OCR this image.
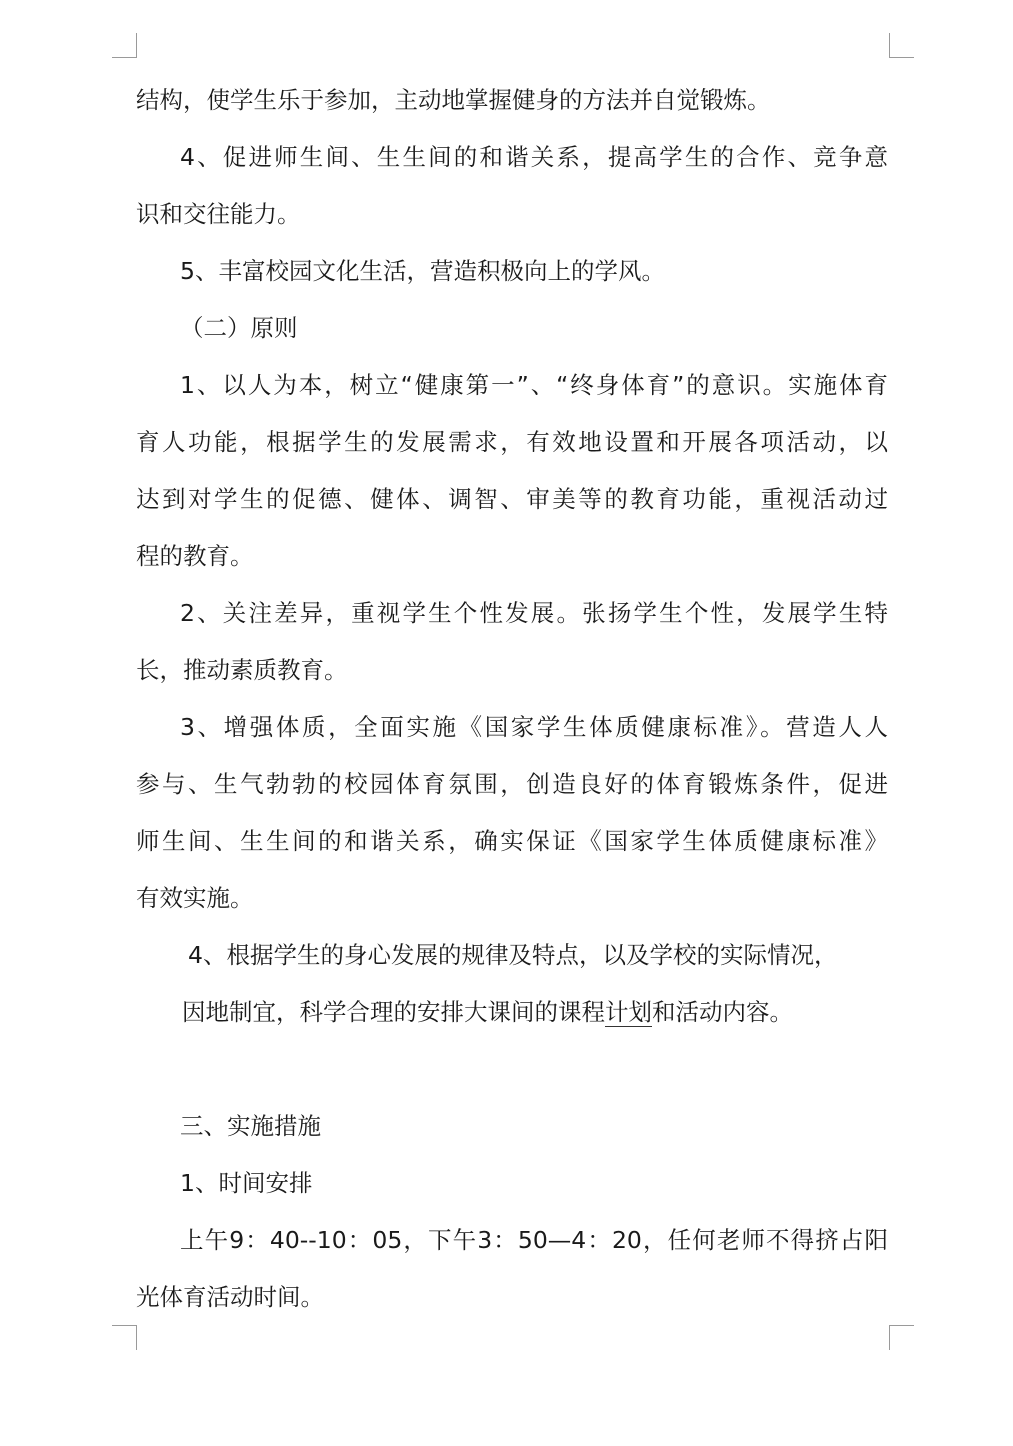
结构，使学生乐于参加，主动地掌握健身的方法并自觉锻炼。
4、促进师生间、生生间的和谐关系，提高学生的合作、竞争意
识和交往能力。
5、丰富校园文化生活，营造积极向上的学风。
（二）原则
1、以人为本，树立“健康第一”、“终身体育”的意识。实施体育
育人功能，根据学生的发展需求，有效地设置和开展各项活动，以
达到对学生的促德、健体、调智、审美等的教育功能，重视活动过
程的教育。
2、关注差异，重视学生个性发展。张扬学生个性，发展学生特
长，推动素质教育。
3、增强体质，全面实施《国家学生体质健康标准》。营造人人
参与、生气勃勃的校园体育氛围，创造良好的体育锻炼条件，促进
师生间、生生间的和谐关系，确实保证《国家学生体质健康标准》
有效实施。
4、根据学生的身心发展的规律及特点，以及学校的实际情况，
因地制宜，科学合理的安排大课间的课程计划和活动内容。
三、实施措施
1、时间安排
上午9：40--10：05，下午3：50—4：20，任何老师不得挤占阳
光体育活动时间。
